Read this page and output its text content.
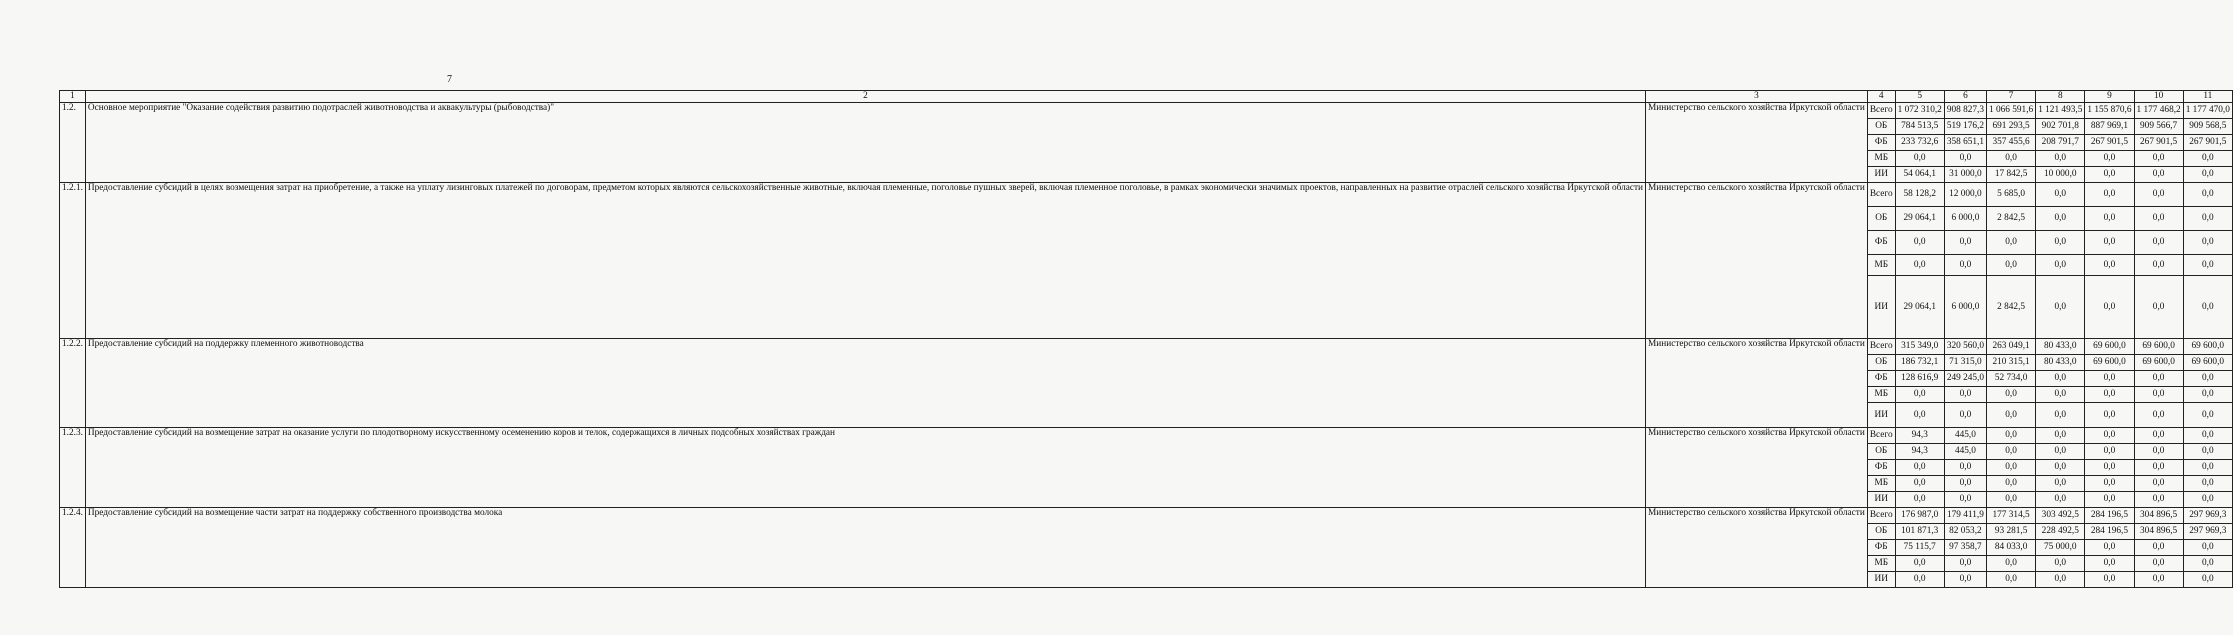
7
1	2	3	4	5	6	7	8	9	10	11
1.2.	Основное мероприятие "Оказание содействия развитию подотраслей животноводства и аквакультуры (рыбоводства)"	Министерство сельского хозяйства Иркутской области	Всего	1 072 310,2	908 827,3	1 066 591,6	1 121 493,5	1 155 870,6	1 177 468,2	1 177 470,0
			ОБ	784 513,5	519 176,2	691 293,5	902 701,8	887 969,1	909 566,7	909 568,5
			ФБ	233 732,6	358 651,1	357 455,6	208 791,7	267 901,5	267 901,5	267 901,5
			МБ	0,0	0,0	0,0	0,0	0,0	0,0	0,0
			ИИ	54 064,1	31 000,0	17 842,5	10 000,0	0,0	0,0	0,0
1.2.1.	Предоставление субсидий в целях возмещения затрат на приобретение, а также на уплату лизинговых платежей по договорам, предметом которых являются сельскохозяйственные животные, включая племенные, поголовье пушных зверей, включая племенное поголовье, в рамках экономически значимых проектов, направленных на развитие отраслей сельского хозяйства Иркутской области	Министерство сельского хозяйства Иркутской области	Всего	58 128,2	12 000,0	5 685,0	0,0	0,0	0,0	0,0
			ОБ	29 064,1	6 000,0	2 842,5	0,0	0,0	0,0	0,0
			ФБ	0,0	0,0	0,0	0,0	0,0	0,0	0,0
			МБ	0,0	0,0	0,0	0,0	0,0	0,0	0,0
			ИИ	29 064,1	6 000,0	2 842,5	0,0	0,0	0,0	0,0
1.2.2.	Предоставление субсидий на поддержку племенного животноводства	Министерство сельского хозяйства Иркутской области	Всего	315 349,0	320 560,0	263 049,1	80 433,0	69 600,0	69 600,0	69 600,0
			ОБ	186 732,1	71 315,0	210 315,1	80 433,0	69 600,0	69 600,0	69 600,0
			ФБ	128 616,9	249 245,0	52 734,0	0,0	0,0	0,0	0,0
			МБ	0,0	0,0	0,0	0,0	0,0	0,0	0,0
			ИИ	0,0	0,0	0,0	0,0	0,0	0,0	0,0
1.2.3.	Предоставление субсидий на возмещение затрат на оказание услуги по плодотворному искусственному осеменению коров и телок, содержащихся в личных подсобных хозяйствах граждан	Министерство сельского хозяйства Иркутской области	Всего	94,3	445,0	0,0	0,0	0,0	0,0	0,0
			ОБ	94,3	445,0	0,0	0,0	0,0	0,0	0,0
			ФБ	0,0	0,0	0,0	0,0	0,0	0,0	0,0
			МБ	0,0	0,0	0,0	0,0	0,0	0,0	0,0
			ИИ	0,0	0,0	0,0	0,0	0,0	0,0	0,0
1.2.4.	Предоставление субсидий на возмещение части затрат на поддержку собственного производства молока	Министерство сельского хозяйства Иркутской области	Всего	176 987,0	179 411,9	177 314,5	303 492,5	284 196,5	304 896,5	297 969,3
			ОБ	101 871,3	82 053,2	93 281,5	228 492,5	284 196,5	304 896,5	297 969,3
			ФБ	75 115,7	97 358,7	84 033,0	75 000,0	0,0	0,0	0,0
			МБ	0,0	0,0	0,0	0,0	0,0	0,0	0,0
			ИИ	0,0	0,0	0,0	0,0	0,0	0,0	0,0
